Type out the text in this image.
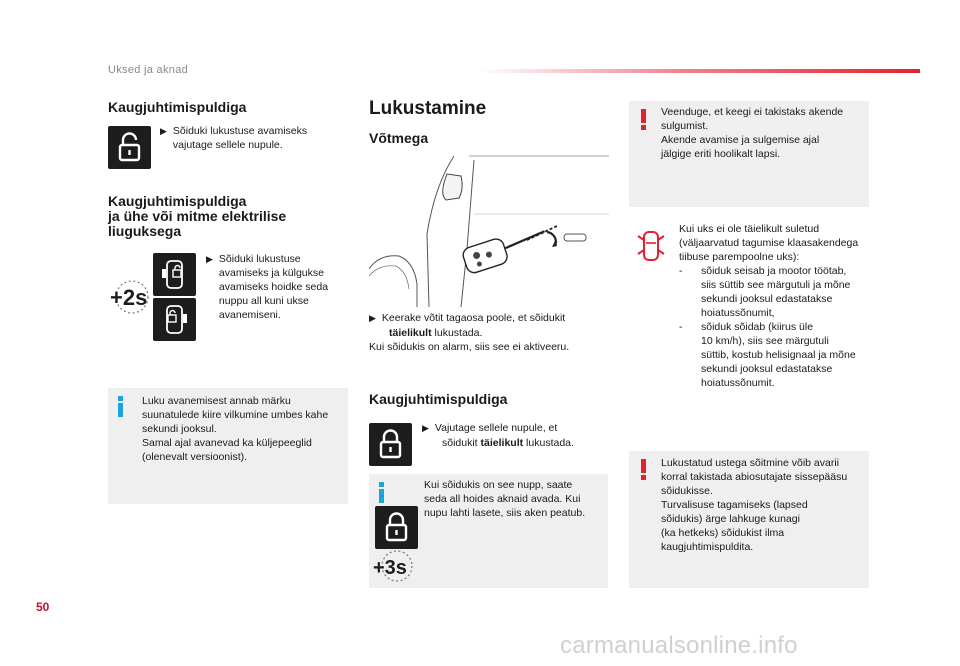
Uksed ja aknad
Kaugjuhtimispuldiga
▶ Sõiduki lukustuse avamiseks vajutage sellele nupule.
Kaugjuhtimispuldiga
ja ühe või mitme elektrilise
liuguksega
+2s
▶ Sõiduki lukustuse avamiseks ja külgukse avamiseks hoidke seda nuppu all kuni ukse avanemiseni.
Luku avanemisest annab märku
suunatulede kiire vilkumine umbes kahe
sekundi jooksul.
Samal ajal avanevad ka küljepeeglid
(olenevalt versioonist).
Lukustamine
Võtmega
▶ Keerake võtit tagaosa poole, et sõidukit
täielikult lukustada.
Kui sõidukis on alarm, siis see ei aktiveeru.
Kaugjuhtimispuldiga
▶ Vajutage sellele nupule, et
sõidukit täielikult lukustada.
+3s
Kui sõidukis on see nupp, saate
seda all hoides aknaid avada. Kui
nupu lahti lasete, siis aken peatub.
Veenduge, et keegi ei takistaks akende
sulgumist.
Akende avamise ja sulgemise ajal
jälgige eriti hoolikalt lapsi.
Kui uks ei ole täielikult suletud
(väljaarvatud tagumise klaasakendega
tiibuse parempoolne uks):
-	sõiduk seisab ja mootor töötab,
siis süttib see märgutuli ja mõne
sekundi jooksul edastatakse
hoiatussõnumit,
-	sõiduk sõidab (kiirus üle
10 km/h), siis see märgutuli
süttib, kostub helisignaal ja mõne
sekundi jooksul edastatakse
hoiatussõnumit.
Lukustatud ustega sõitmine võib avarii
korral takistada abiosutajate sissepääsu
sõidukisse.
Turvalisuse tagamiseks (lapsed
sõidukis) ärge lahkuge kunagi
(ka hetkeks) sõidukist ilma
kaugjuhtimispuldita.
50
carmanualsonline.info
